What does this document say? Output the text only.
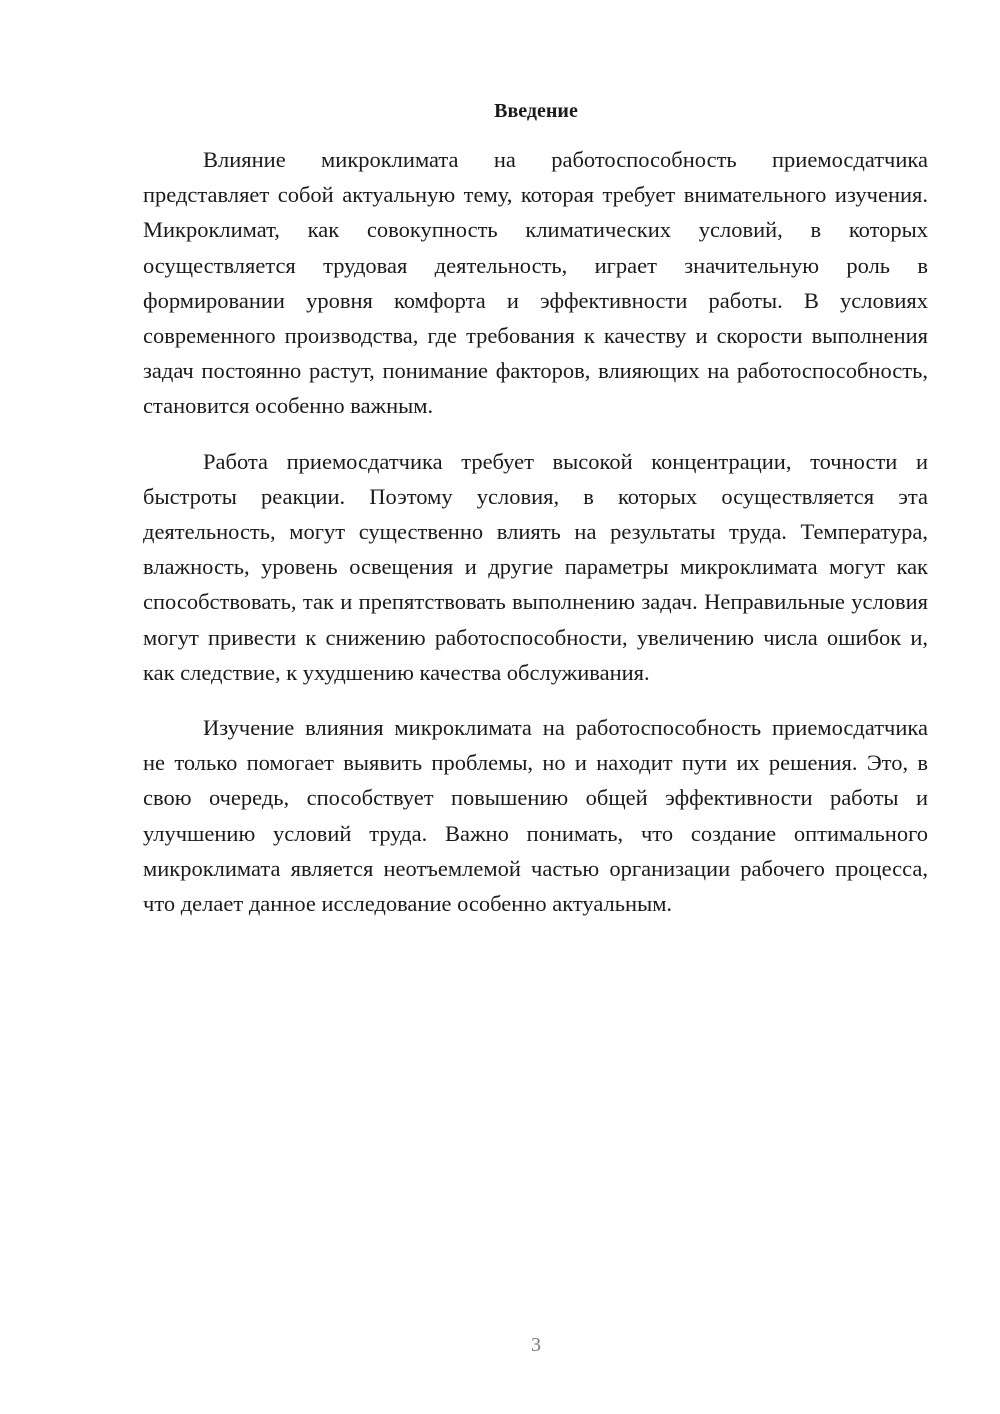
Введение

Влияние микроклимата на работоспособность приемосдатчика представляет собой актуальную тему, которая требует внимательного изучения. Микроклимат, как совокупность климатических условий, в которых осуществляется трудовая деятельность, играет значительную роль в формировании уровня комфорта и эффективности работы. В условиях современного производства, где требования к качеству и скорости выполнения задач постоянно растут, понимание факторов, влияющих на работоспособность, становится особенно важным.

Работа приемосдатчика требует высокой концентрации, точности и быстроты реакции. Поэтому условия, в которых осуществляется эта деятельность, могут существенно влиять на результаты труда. Температура, влажность, уровень освещения и другие параметры микроклимата могут как способствовать, так и препятствовать выполнению задач. Неправильные условия могут привести к снижению работоспособности, увеличению числа ошибок и, как следствие, к ухудшению качества обслуживания.

Изучение влияния микроклимата на работоспособность приемосдатчика не только помогает выявить проблемы, но и находит пути их решения. Это, в свою очередь, способствует повышению общей эффективности работы и улучшению условий труда. Важно понимать, что создание оптимального микроклимата является неотъемлемой частью организации рабочего процесса, что делает данное исследование особенно актуальным.

3
